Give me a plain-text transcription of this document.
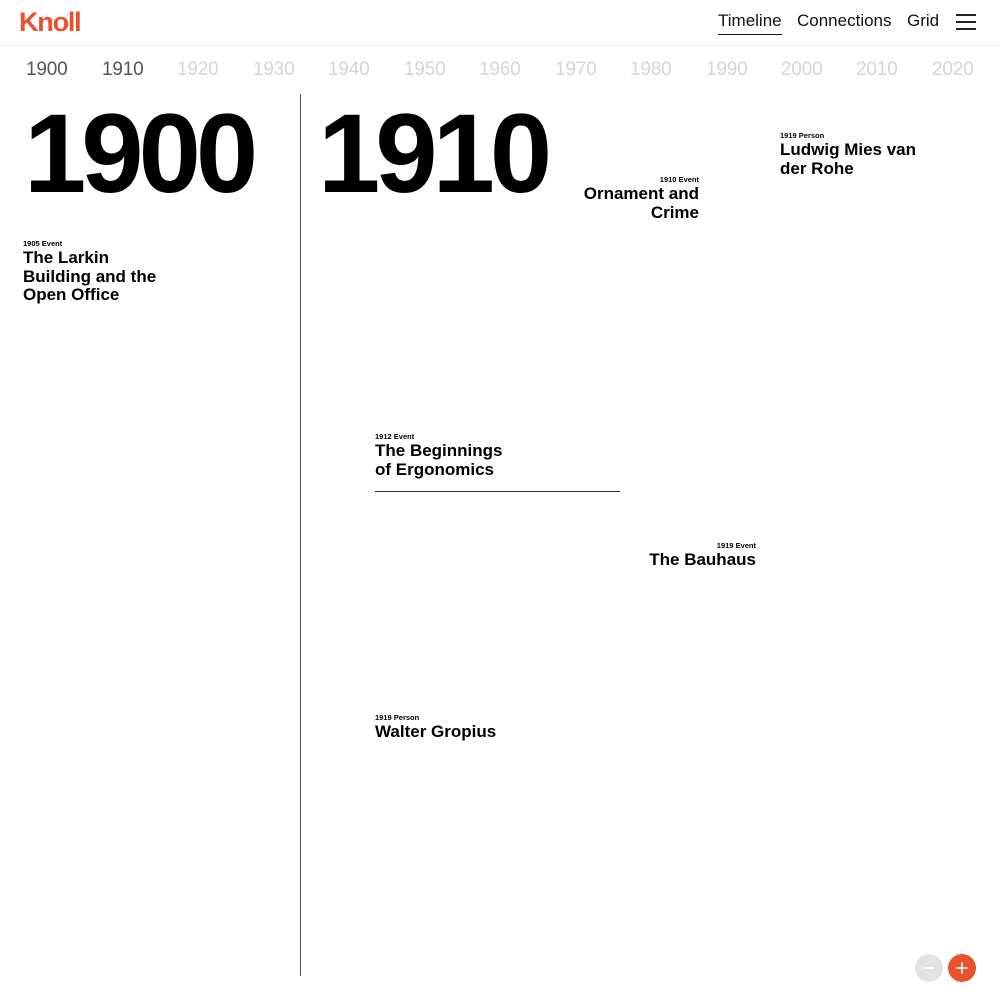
Knoll	Timeline Connections Grid
1900 1910 1920 1930 1940 1950 1960 1970 1980 1990 2000 2010 2020
1900 1910
1905 Event
The Larkin
Building and the
Open Office
1910 Event
Ornament and
Crime
1919 Person
Ludwig Mies van
der Rohe
1912 Event
The Beginnings
of Ergonomics
1919 Event
The Bauhaus
1919 Person
Walter Gropius
